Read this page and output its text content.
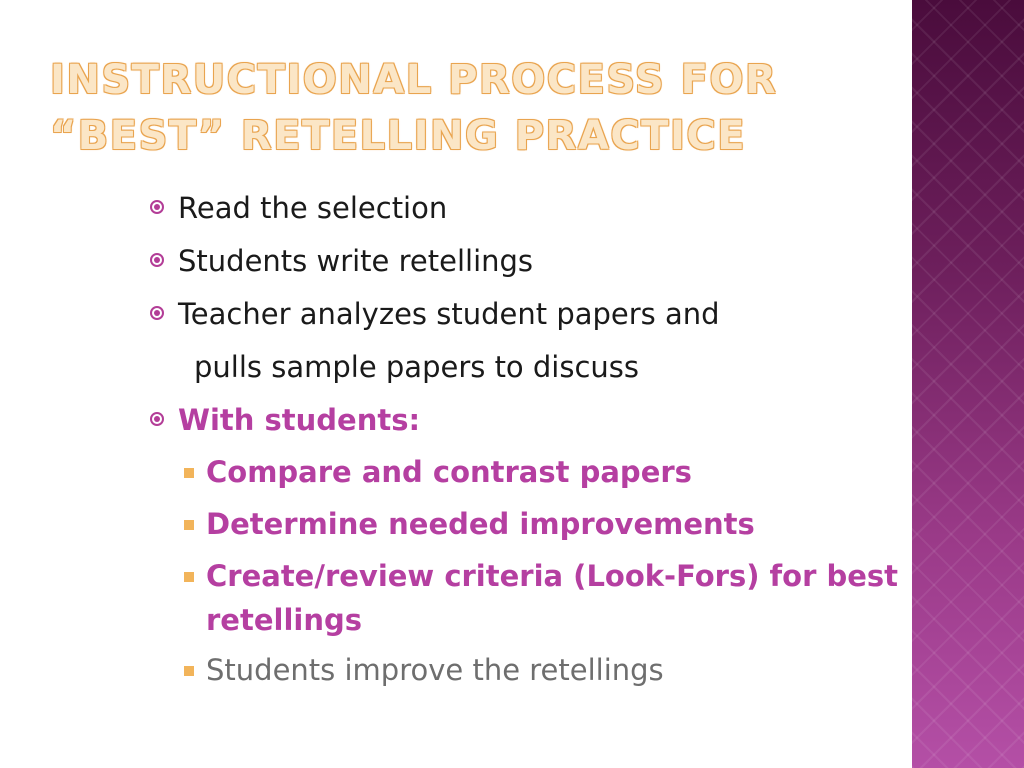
INSTRUCTIONAL PROCESS FOR
“BEST” RETELLING PRACTICE
Read the selection
Students write retellings
Teacher analyzes student papers and
pulls sample papers to discuss
With students:
Compare and contrast papers
Determine needed improvements
Create/review criteria (Look-Fors) for best
retellings
Students improve the retellings
